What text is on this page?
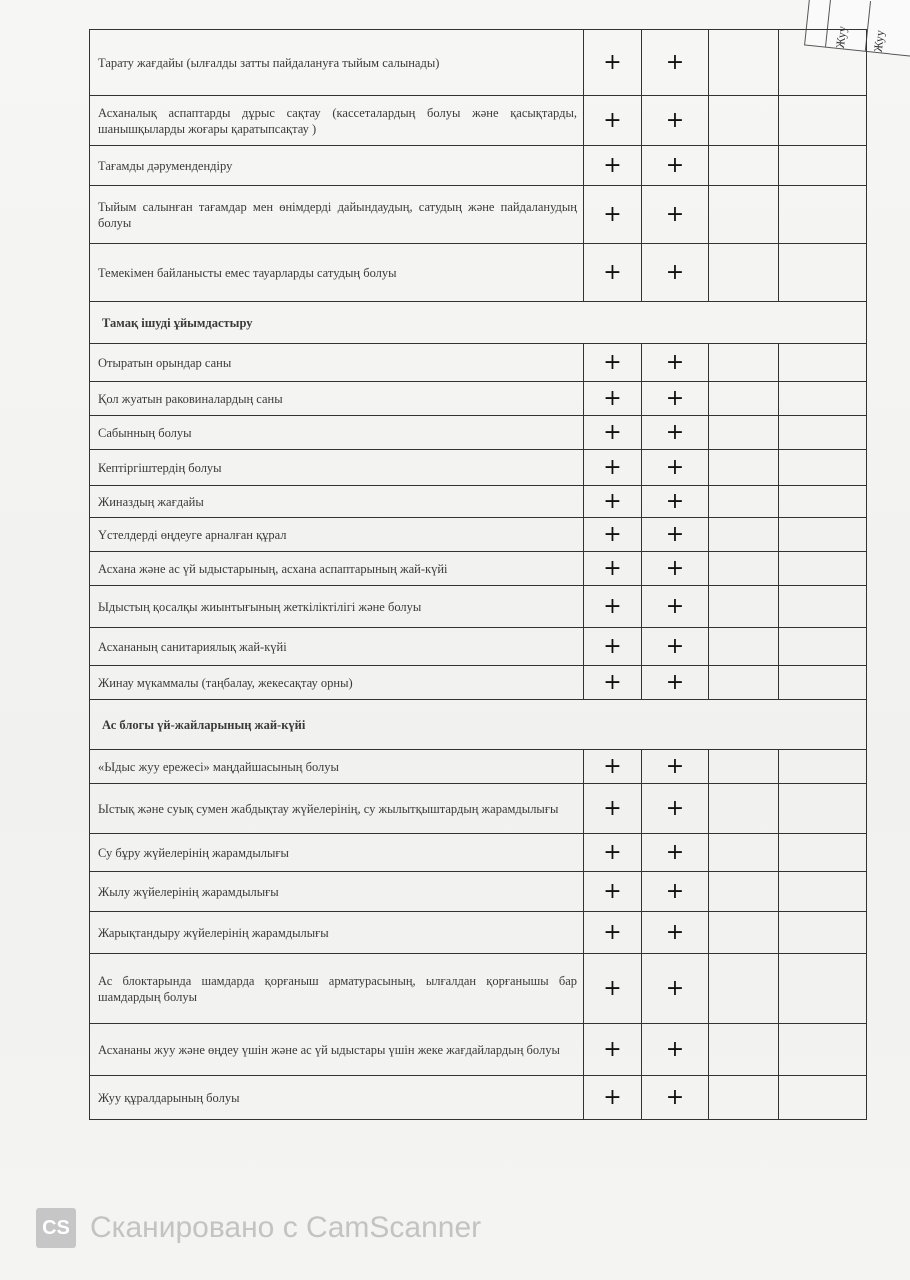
Жуу Жуу
Тарату жағдайы (ылғалды затты пайдалануға тыйым салынады)	+	+		
Асханалық аспаптарды дұрыс сақтау (кассеталардың болуы және қасықтарды, шанышқыларды жоғары қаратыпсақтау )	+	+		
Тағамды дәрумендендіру	+	+		
Тыйым салынған тағамдар мен өнімдерді дайындаудың, сатудың және пайдаланудың болуы	+	+		
Темекімен байланысты емес тауарларды сатудың болуы	+	+		
Тамақ ішуді ұйымдастыру				
Отыратын орындар саны	+	+		
Қол жуатын раковиналардың саны	+	+		
Сабынның болуы	+	+		
Кептіргіштердің болуы	+	+		
Жиназдың жағдайы	+	+		
Үстелдерді өңдеуге арналған құрал	+	+		
Асхана және ас үй ыдыстарының, асхана аспаптарының жай-күйі	+	+		
Ыдыстың қосалқы жиынтығының жеткіліктілігі және болуы	+	+		
Асхананың санитариялық жай-күйі	+	+		
Жинау мүкаммалы (таңбалау, жекесақтау орны)	+	+		
Ас блогы үй-жайларының жай-күйі				
«Ыдыс жуу ережесі» маңдайшасының болуы	+	+		
Ыстық және суық сумен жабдықтау жүйелерінің, су жылытқыштардың жарамдылығы	+	+		
Су бұру жүйелерінің жарамдылығы	+	+		
Жылу жүйелерінің жарамдылығы	+	+		
Жарықтандыру жүйелерінің жарамдылығы	+	+		
Ас блоктарында шамдарда қорғаныш арматурасының, ылғалдан қорғанышы бар шамдардың болуы	+	+		
Асхананы жуу және өңдеу үшін және ас үй ыдыстары үшін жеке жағдайлардың болуы	+	+		
Жуу құралдарының болуы	+	+		
CS Сканировано с CamScanner
